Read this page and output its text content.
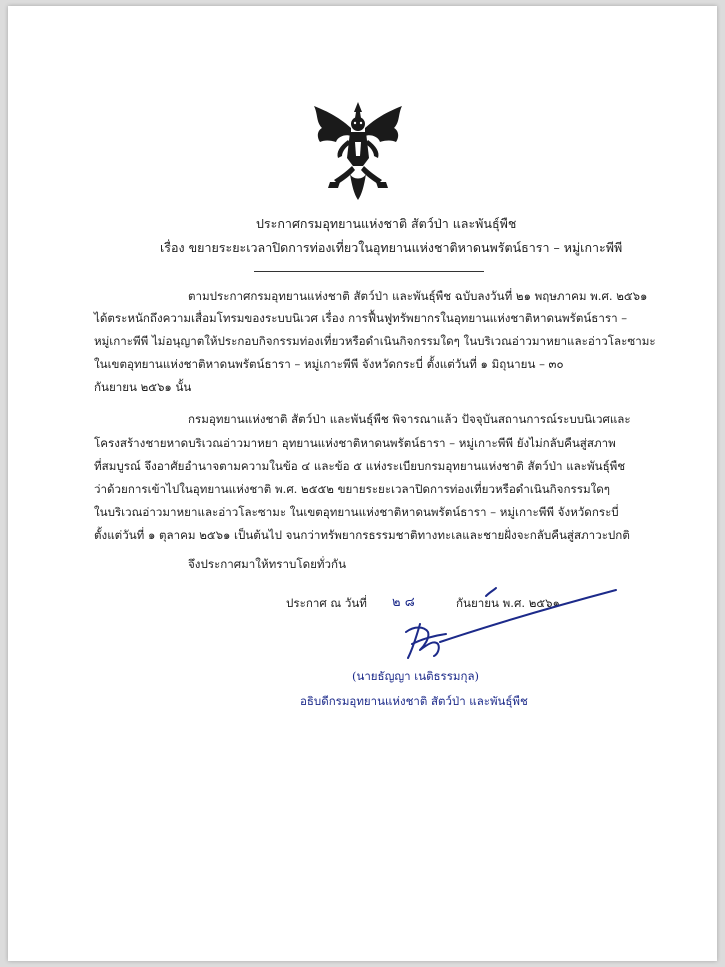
ประกาศกรมอุทยานแห่งชาติ สัตว์ป่า และพันธุ์พืช
เรื่อง ขยายระยะเวลาปิดการท่องเที่ยวในอุทยานแห่งชาติหาดนพรัตน์ธารา – หมู่เกาะพีพี
ตามประกาศกรมอุทยานแห่งชาติ สัตว์ป่า และพันธุ์พืช ฉบับลงวันที่ ๒๑ พฤษภาคม พ.ศ. ๒๕๖๑
ได้ตระหนักถึงความเสื่อมโทรมของระบบนิเวศ เรื่อง การฟื้นฟูทรัพยากรในอุทยานแห่งชาติหาดนพรัตน์ธารา –
หมู่เกาะพีพี ไม่อนุญาตให้ประกอบกิจกรรมท่องเที่ยวหรือดำเนินกิจกรรมใดๆ ในบริเวณอ่าวมาหยาและอ่าวโละซามะ
ในเขตอุทยานแห่งชาติหาดนพรัตน์ธารา – หมู่เกาะพีพี จังหวัดกระบี่ ตั้งแต่วันที่ ๑ มิถุนายน – ๓๐
กันยายน ๒๕๖๑ นั้น
กรมอุทยานแห่งชาติ สัตว์ป่า และพันธุ์พืช พิจารณาแล้ว ปัจจุบันสถานการณ์ระบบนิเวศและ
โครงสร้างชายหาดบริเวณอ่าวมาหยา อุทยานแห่งชาติหาดนพรัตน์ธารา – หมู่เกาะพีพี ยังไม่กลับคืนสู่สภาพ
ที่สมบูรณ์ จึงอาศัยอำนาจตามความในข้อ ๔ และข้อ ๕ แห่งระเบียบกรมอุทยานแห่งชาติ สัตว์ป่า และพันธุ์พืช
ว่าด้วยการเข้าไปในอุทยานแห่งชาติ พ.ศ. ๒๕๕๒ ขยายระยะเวลาปิดการท่องเที่ยวหรือดำเนินกิจกรรมใดๆ
ในบริเวณอ่าวมาหยาและอ่าวโละซามะ ในเขตอุทยานแห่งชาติหาดนพรัตน์ธารา – หมู่เกาะพีพี จังหวัดกระบี่
ตั้งแต่วันที่ ๑ ตุลาคม ๒๕๖๑ เป็นต้นไป จนกว่าทรัพยากรธรรมชาติทางทะเลและชายฝั่งจะกลับคืนสู่สภาวะปกติ
จึงประกาศมาให้ทราบโดยทั่วกัน
ประกาศ ณ วันที่ ๒ ๘	กันยายน พ.ศ. ๒๕๖๑
(นายธัญญา เนติธรรมกุล)
อธิบดีกรมอุทยานแห่งชาติ สัตว์ป่า และพันธุ์พืช
